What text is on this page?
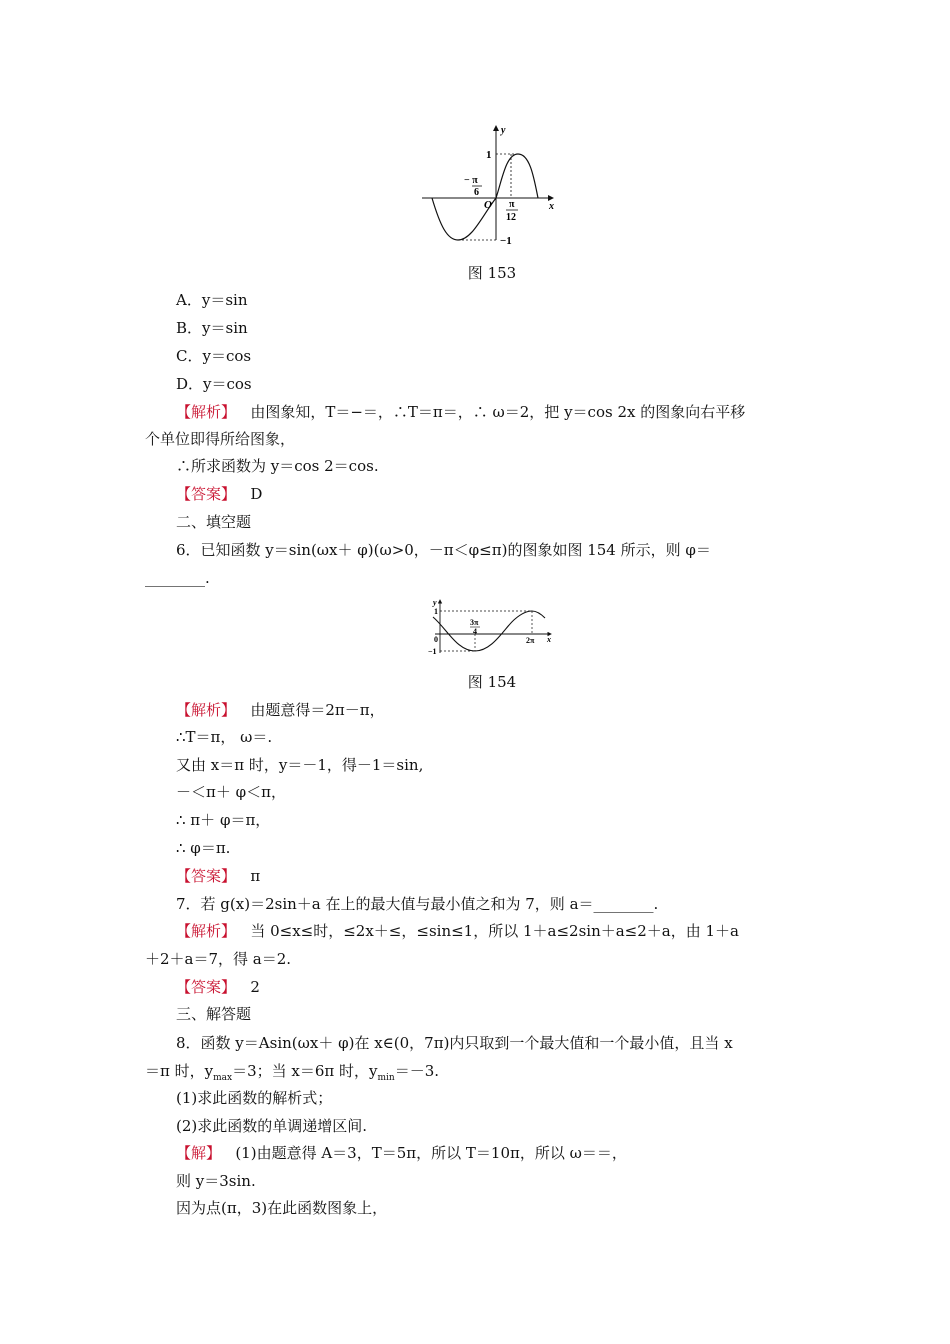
y
x
O
1
−1
− π
6
π
12
图 153
A．y＝sin
B．y＝sin
C．y＝cos
D．y＝cos
【解析】 由图象知，T＝−＝，∴T＝π＝，∴ ω＝2，把 y＝cos 2x 的图象向右平移
个单位即得所给图象，
∴所求函数为 y＝cos 2＝cos.
【答案】 D
二、填空题
6．已知函数 y＝sin(ωx＋ φ)(ω>0，－π＜φ≤π)的图象如图 154 所示，则 φ＝
________.
y
x
0
1
−1
3π
4
2π
图 154
【解析】 由题意得＝2π－π，
∴T＝π， ω＝.
又由 x＝π 时，y＝－1，得－1＝sin,
－＜π＋ φ＜π，
∴ π＋ φ＝π，
∴ φ＝π.
【答案】 π
7．若 g(x)＝2sin＋a 在上的最大值与最小值之和为 7，则 a＝________.
【解析】 当 0≤x≤时，≤2x＋≤，≤sin≤1，所以 1＋a≤2sin＋a≤2＋a，由 1＋a
＋2＋a＝7，得 a＝2.
【答案】 2
三、解答题
8．函数 y＝Asin(ωx＋ φ)在 x∈(0，7π)内只取到一个最大值和一个最小值，且当 x
＝π 时，$y_{max}=3$；当 x＝6π 时，$y_{min}=-3$.
(1)求此函数的解析式；
(2)求此函数的单调递增区间.
【解】 (1)由题意得 A＝3，T＝5π，所以 T＝10π，所以 ω＝＝，
则 y＝3sin.
因为点(π，3)在此函数图象上，
